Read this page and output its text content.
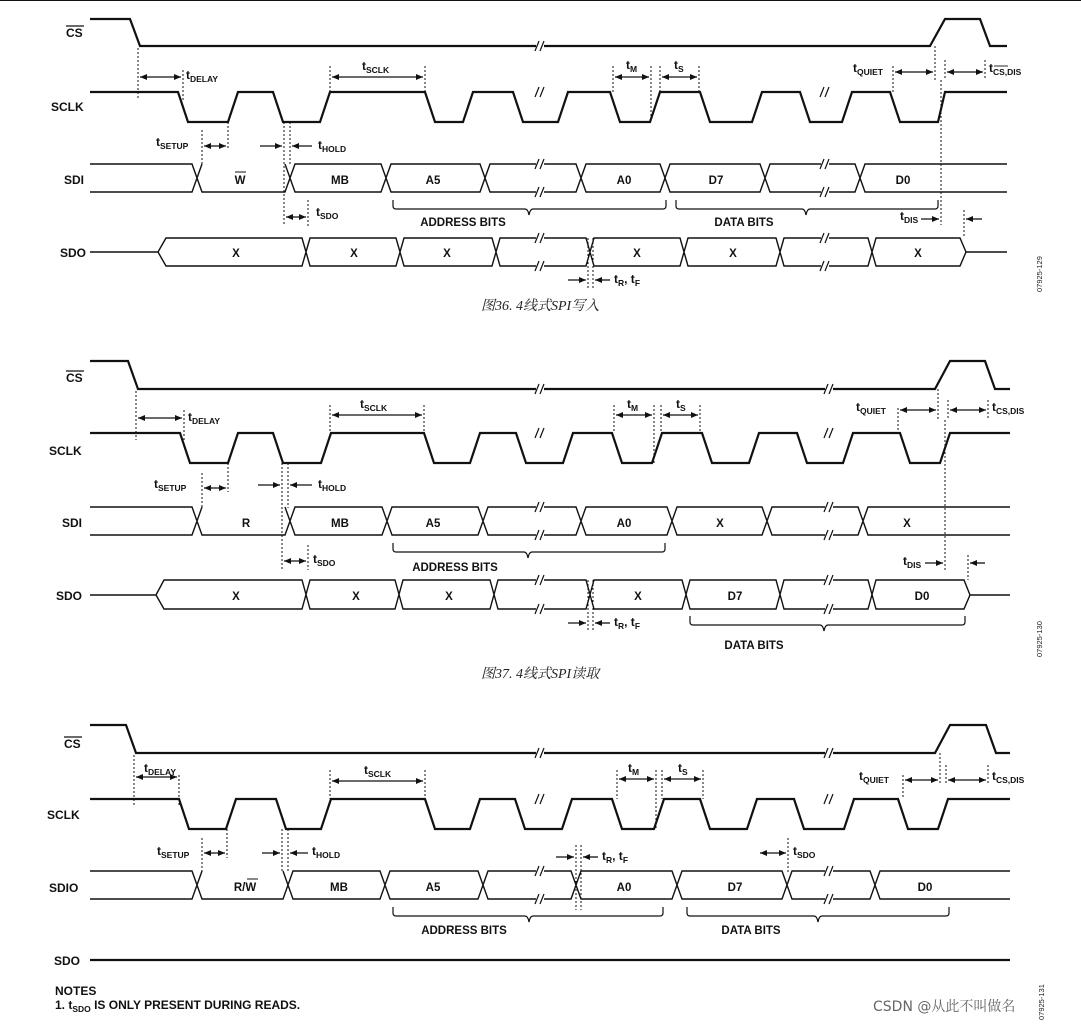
CS
SCLK
SDI
SDO
W	MB	A5	A0	D7	D0
X	X	X	X	X	X
$t_{DELAY}$
$t_{SCLK}$	$t_M$	$t_S$	$t_{QUIET}$	$t_{CS,DIS}$
$t_{SETUP}$	$t_{HOLD}$
$t_{SDO}$	$t_{DIS}$
$t_R$, $t_F$
ADDRESS BITS	DATA BITS
图36. 4线式SPI写入
07925-129
CS
SCLK
SDI
SDO
R	MB	A5	A0	X	X
X	X	X	X	D7	D0
$t_{DELAY}$
$t_{SCLK}$	$t_M$	$t_S$	$t_{QUIET}$	$t_{CS,DIS}$
$t_{SETUP}$	$t_{HOLD}$
$t_{SDO}$	$t_{DIS}$
$t_R$, $t_F$
ADDRESS BITS
DATA BITS
图37. 4线式SPI读取
07925-130
CS
SCLK
SDIO
SDO
R/W	MB	A5	A0	D7	D0
$t_{DELAY}$	$t_{SCLK}$	$t_M$	$t_S$	$t_{QUIET}$	$t_{CS,DIS}$
$t_{SETUP}$	$t_{HOLD}$	$t_R$, $t_F$
$t_{SDO}$
ADDRESS BITS	DATA BITS
NOTES
1. $t_{SDO}$ IS ONLY PRESENT DURING READS.	07925-131
CSDN @从此不叫做名
